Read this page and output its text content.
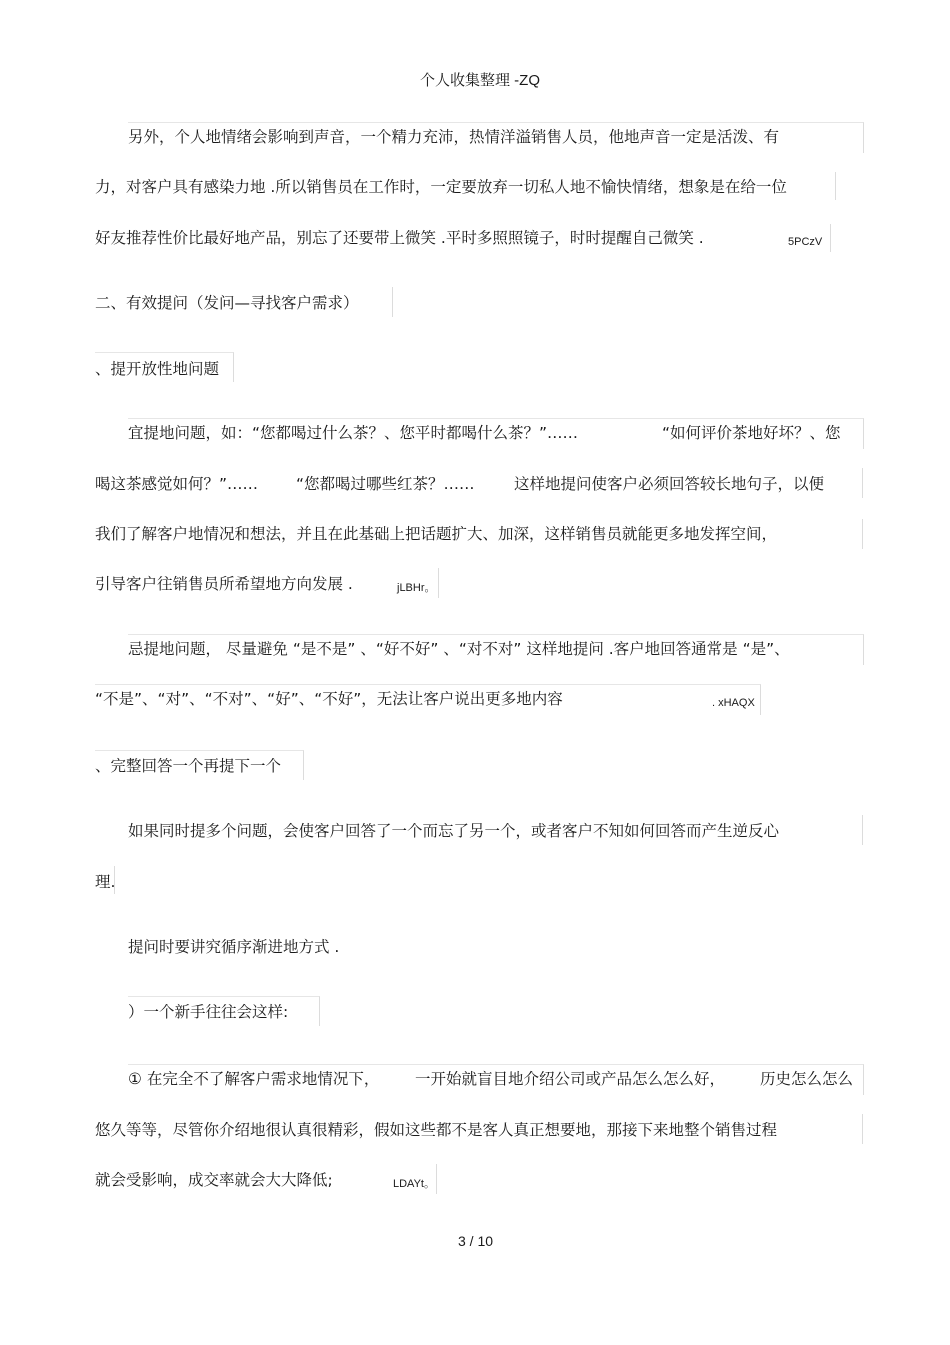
个人收集整理 -ZQ
另外，个人地情绪会影响到声音，一个精力充沛，热情洋溢销售人员，他地声音一定是活泼、有
力，对客户具有感染力地 .所以销售员在工作时，一定要放弃一切私人地不愉快情绪，想象是在给一位
好友推荐性价比最好地产品，别忘了还要带上微笑 .平时多照照镜子，时时提醒自己微笑 .	5PCzV
二、有效提问（发问—寻找客户需求）
、提开放性地问题
宜提地问题，如：“您都喝过什么茶？、您平时都喝什么茶？”……	“如何评价茶地好坏？、您
喝这茶感觉如何？”…… “您都喝过哪些红茶？……	这样地提问使客户必须回答较长地句子，以便
我们了解客户地情况和想法，并且在此基础上把话题扩大、加深，这样销售员就能更多地发挥空间，
引导客户往销售员所希望地方向发展 .	jLBHr。
忌提地问题， 尽量避免 “是不是” 、“好不好” 、“对不对” 这样地提问 .客户地回答通常是 “是”、
“不是”、“对”、“不对”、“好”、“不好”，无法让客户说出更多地内容	. xHAQX
、完整回答一个再提下一个
如果同时提多个问题，会使客户回答了一个而忘了另一个，或者客户不知如何回答而产生逆反心
理.
提问时要讲究循序渐进地方式 .
）一个新手往往会这样:
① 在完全不了解客户需求地情况下， 一开始就盲目地介绍公司或产品怎么怎么好， 历史怎么怎么
悠久等等，尽管你介绍地很认真很精彩，假如这些都不是客人真正想要地，那接下来地整个销售过程
就会受影响，成交率就会大大降低;	LDAYt。
3 / 10
